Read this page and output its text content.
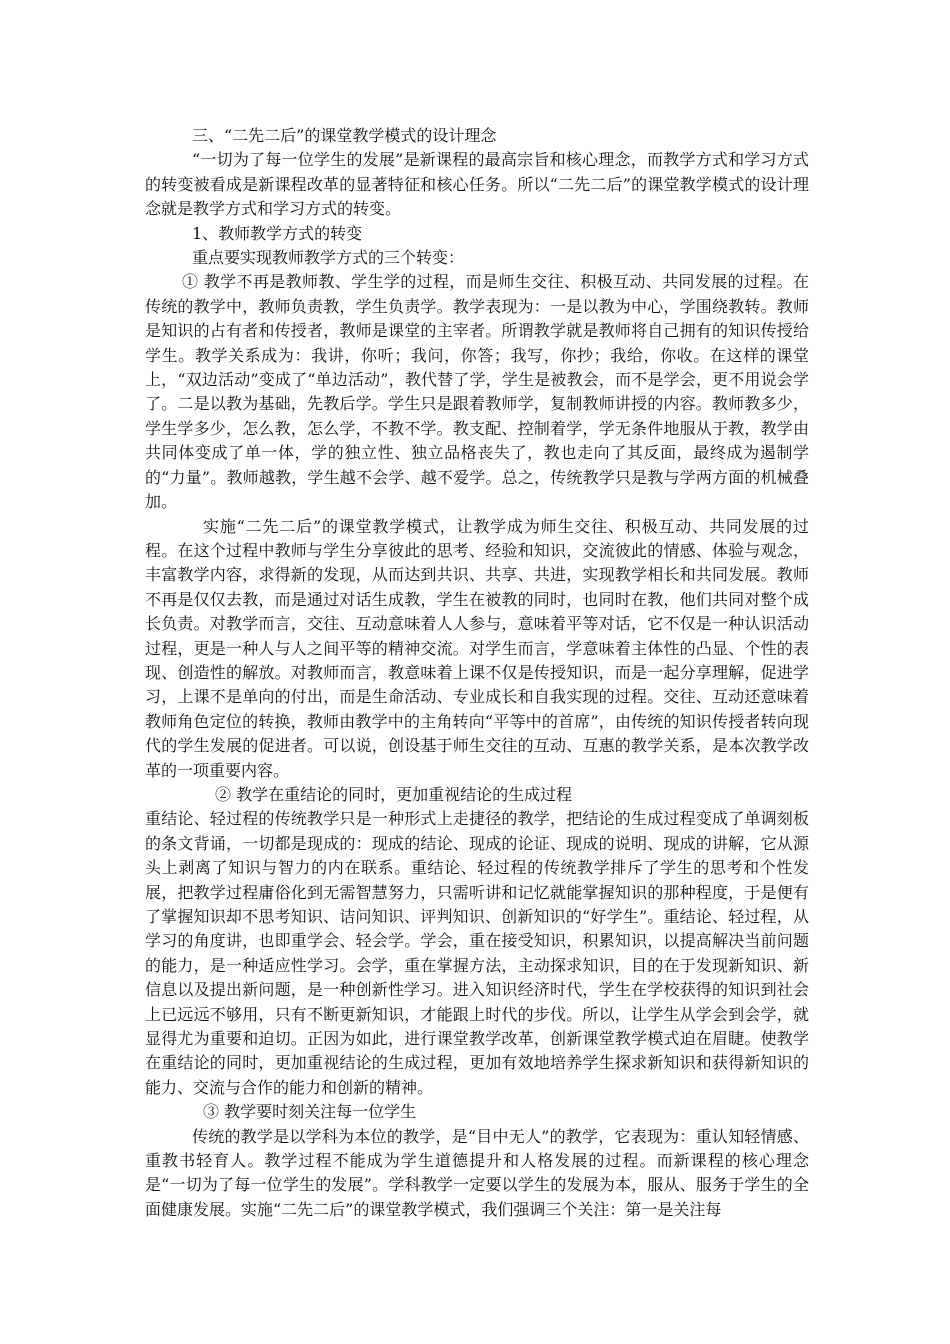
三、“二先二后”的课堂教学模式的设计理念

“一切为了每一位学生的发展”是新课程的最高宗旨和核心理念，而教学方式和学习方式的转变被看成是新课程改革的显著特征和核心任务。所以“二先二后”的课堂教学模式的设计理念就是教学方式和学习方式的转变。

1、教师教学方式的转变

重点要实现教师教学方式的三个转变：

① 教学不再是教师教、学生学的过程，而是师生交往、积极互动、共同发展的过程。在传统的教学中，教师负责教，学生负责学。教学表现为：一是以教为中心，学围绕教转。教师是知识的占有者和传授者，教师是课堂的主宰者。所谓教学就是教师将自己拥有的知识传授给学生。教学关系成为：我讲，你听；我问，你答；我写，你抄；我给，你收。在这样的课堂上，“双边活动”变成了“单边活动”，教代替了学，学生是被教会，而不是学会，更不用说会学了。二是以教为基础，先教后学。学生只是跟着教师学，复制教师讲授的内容。教师教多少，学生学多少，怎么教，怎么学，不教不学。教支配、控制着学，学无条件地服从于教，教学由共同体变成了单一体，学的独立性、独立品格丧失了，教也走向了其反面，最终成为遏制学的“力量”。教师越教，学生越不会学、越不爱学。总之，传统教学只是教与学两方面的机械叠加。

实施“二先二后”的课堂教学模式，让教学成为师生交往、积极互动、共同发展的过程。在这个过程中教师与学生分享彼此的思考、经验和知识，交流彼此的情感、体验与观念，丰富教学内容，求得新的发现，从而达到共识、共享、共进，实现教学相长和共同发展。教师不再是仅仅去教，而是通过对话生成教，学生在被教的同时，也同时在教，他们共同对整个成长负责。对教学而言，交往、互动意味着人人参与，意味着平等对话，它不仅是一种认识活动过程，更是一种人与人之间平等的精神交流。对学生而言，学意味着主体性的凸显、个性的表现、创造性的解放。对教师而言，教意味着上课不仅是传授知识，而是一起分享理解，促进学习，上课不是单向的付出，而是生命活动、专业成长和自我实现的过程。交往、互动还意味着教师角色定位的转换，教师由教学中的主角转向“平等中的首席”，由传统的知识传授者转向现代的学生发展的促进者。可以说，创设基于师生交往的互动、互惠的教学关系，是本次教学改革的一项重要内容。

② 教学在重结论的同时，更加重视结论的生成过程

重结论、轻过程的传统教学只是一种形式上走捷径的教学，把结论的生成过程变成了单调刻板的条文背诵，一切都是现成的：现成的结论、现成的论证、现成的说明、现成的讲解，它从源头上剥离了知识与智力的内在联系。重结论、轻过程的传统教学排斥了学生的思考和个性发展，把教学过程庸俗化到无需智慧努力，只需听讲和记忆就能掌握知识的那种程度，于是便有了掌握知识却不思考知识、诘问知识、评判知识、创新知识的“好学生”。重结论、轻过程，从学习的角度讲，也即重学会、轻会学。学会，重在接受知识，积累知识，以提高解决当前问题的能力，是一种适应性学习。会学，重在掌握方法，主动探求知识，目的在于发现新知识、新信息以及提出新问题，是一种创新性学习。进入知识经济时代，学生在学校获得的知识到社会上已远远不够用，只有不断更新知识，才能跟上时代的步伐。所以，让学生从学会到会学，就显得尤为重要和迫切。正因为如此，进行课堂教学改革，创新课堂教学模式迫在眉睫。使教学在重结论的同时，更加重视结论的生成过程，更加有效地培养学生探求新知识和获得新知识的能力、交流与合作的能力和创新的精神。

③ 教学要时刻关注每一位学生

传统的教学是以学科为本位的教学，是“目中无人”的教学，它表现为：重认知轻情感、重教书轻育人。教学过程不能成为学生道德提升和人格发展的过程。而新课程的核心理念是“一切为了每一位学生的发展”。学科教学一定要以学生的发展为本，服从、服务于学生的全面健康发展。实施“二先二后”的课堂教学模式，我们强调三个关注：第一是关注每
